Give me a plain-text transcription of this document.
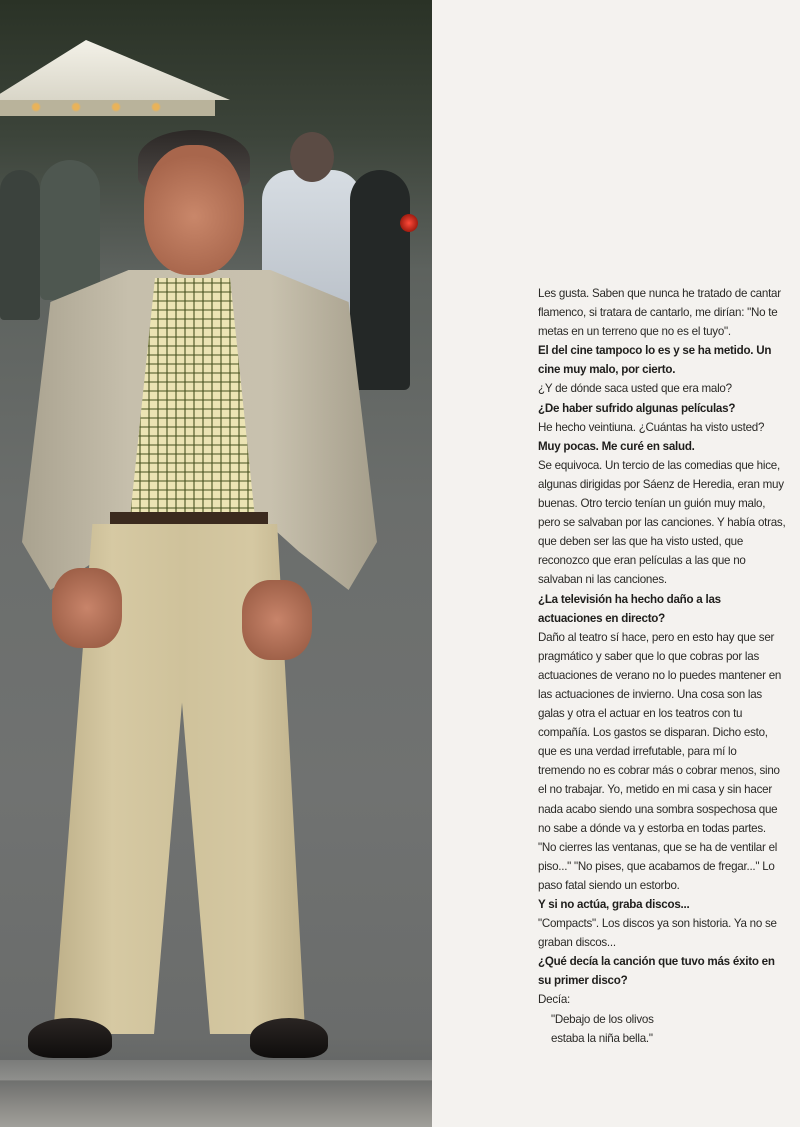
Les gusta. Saben que nunca he tratado de cantar flamenco, si tratara de cantarlo, me dirían: "No te metas en un terreno que no es el tuyo".

El del cine tampoco lo es y se ha metido. Un cine muy malo, por cierto.

¿Y de dónde saca usted que era malo?

¿De haber sufrido algunas películas?

He hecho veintiuna. ¿Cuántas ha visto usted?

Muy pocas. Me curé en salud.

Se equivoca. Un tercio de las comedias que hice, algunas dirigidas por Sáenz de Heredia, eran muy buenas. Otro tercio tenían un guión muy malo, pero se salvaban por las canciones. Y había otras, que deben ser las que ha visto usted, que reconozco que eran películas a las que no salvaban ni las canciones.

¿La televisión ha hecho daño a las actuaciones en directo?

Daño al teatro sí hace, pero en esto hay que ser pragmático y saber que lo que cobras por las actuaciones de verano no lo puedes mantener en las actuaciones de invierno. Una cosa son las galas y otra el actuar en los teatros con tu compañía. Los gastos se disparan. Dicho esto, que es una verdad irrefutable, para mí lo tremendo no es cobrar más o cobrar menos, sino el no trabajar. Yo, metido en mi casa y sin hacer nada acabo siendo una sombra sospechosa que no sabe a dónde va y estorba en todas partes. "No cierres las ventanas, que se ha de ventilar el piso..." "No pises, que acabamos de fregar..." Lo paso fatal siendo un estorbo.

Y si no actúa, graba discos...

"Compacts". Los discos ya son historia. Ya no se graban discos...

¿Qué decía la canción que tuvo más éxito en su primer disco?

Decía:

"Debajo de los olivos

estaba la niña bella."
